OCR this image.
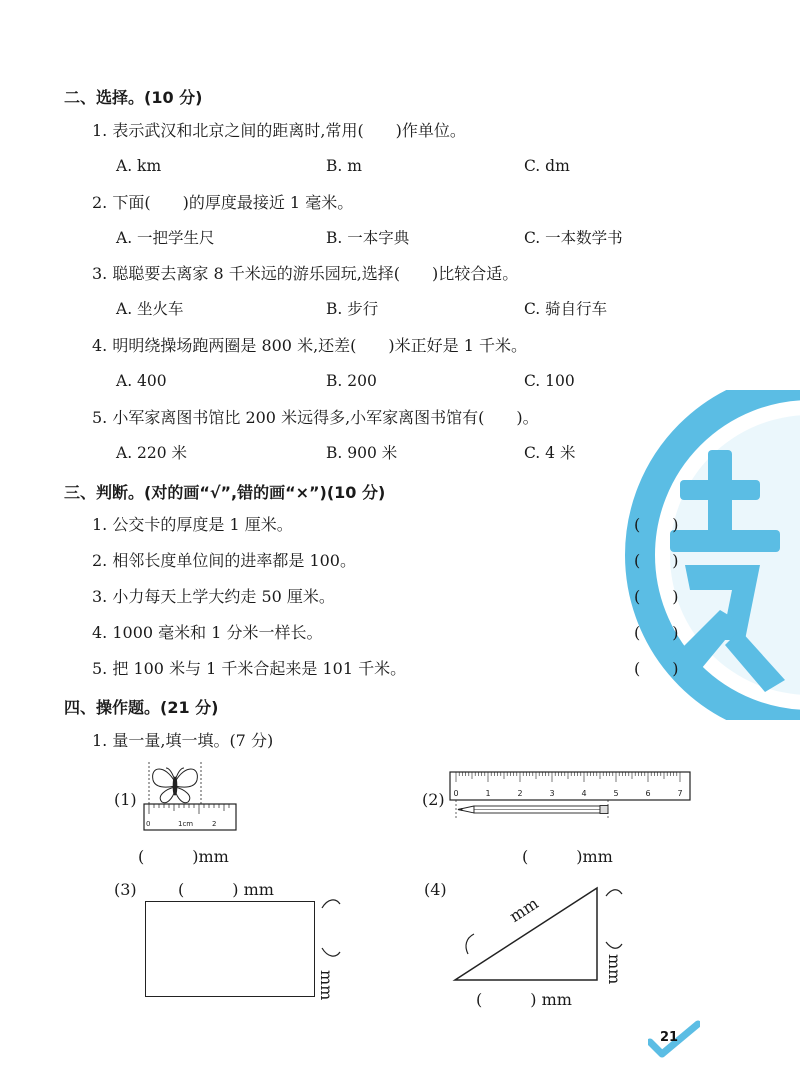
二、选择。(10 分)
1. 表示武汉和北京之间的距离时,常用(　　)作单位。
A. km	B. m	C. dm
2. 下面(　　)的厚度最接近 1 毫米。
A. 一把学生尺	B. 一本字典	C. 一本数学书
3. 聪聪要去离家 8 千米远的游乐园玩,选择(　　)比较合适。
A. 坐火车	B. 步行	C. 骑自行车
4. 明明绕操场跑两圈是 800 米,还差(　　)米正好是 1 千米。
A. 400	B. 200	C. 100
5. 小军家离图书馆比 200 米远得多,小军家离图书馆有(　　)。
A. 220 米	B. 900 米	C. 4 米
三、判断。(对的画“√”,错的画“×”)(10 分)
1. 公交卡的厚度是 1 厘米。	(　　)
2. 相邻长度单位间的进率都是 100。	(　　)
3. 小力每天上学大约走 50 厘米。	(　　)
4. 1000 毫米和 1 分米一样长。	(　　)
5. 把 100 米与 1 千米合起来是 101 千米。	(　　)
四、操作题。(21 分)
1. 量一量,填一填。(7 分)
(1)
0	1cm	2
(　　　)mm
(2) 0	1	2	3	4	5	6	7
(　　　)mm
(3)	(　　　) mm
mm
(4)
mm
mm
(　　　) mm
21
